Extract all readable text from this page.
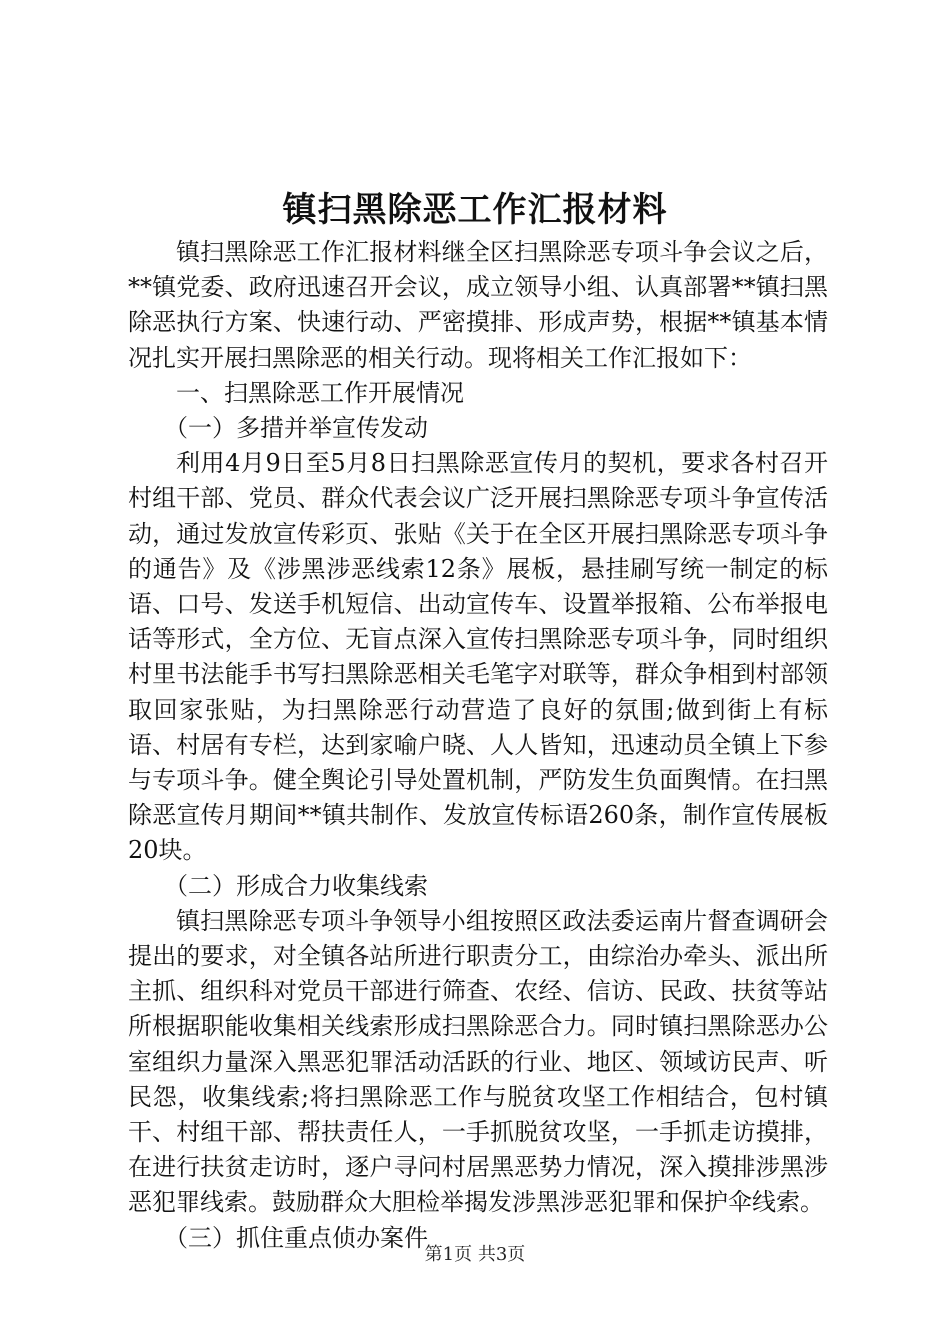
镇扫黑除恶工作汇报材料

镇扫黑除恶工作汇报材料继全区扫黑除恶专项斗争会议之后，**镇党委、政府迅速召开会议，成立领导小组、认真部署**镇扫黑除恶执行方案、快速行动、严密摸排、形成声势，根据**镇基本情况扎实开展扫黑除恶的相关行动。现将相关工作汇报如下：

一、扫黑除恶工作开展情况

（一）多措并举宣传发动

利用4月9日至5月8日扫黑除恶宣传月的契机，要求各村召开村组干部、党员、群众代表会议广泛开展扫黑除恶专项斗争宣传活动，通过发放宣传彩页、张贴《关于在全区开展扫黑除恶专项斗争的通告》及《涉黑涉恶线索12条》展板，悬挂刷写统一制定的标语、口号、发送手机短信、出动宣传车、设置举报箱、公布举报电话等形式，全方位、无盲点深入宣传扫黑除恶专项斗争，同时组织村里书法能手书写扫黑除恶相关毛笔字对联等，群众争相到村部领取回家张贴，为扫黑除恶行动营造了良好的氛围;做到街上有标语、村居有专栏，达到家喻户晓、人人皆知，迅速动员全镇上下参与专项斗争。健全舆论引导处置机制，严防发生负面舆情。在扫黑除恶宣传月期间**镇共制作、发放宣传标语260条，制作宣传展板20块。

（二）形成合力收集线索

镇扫黑除恶专项斗争领导小组按照区政法委运南片督查调研会提出的要求，对全镇各站所进行职责分工，由综治办牵头、派出所主抓、组织科对党员干部进行筛查、农经、信访、民政、扶贫等站所根据职能收集相关线索形成扫黑除恶合力。同时镇扫黑除恶办公室组织力量深入黑恶犯罪活动活跃的行业、地区、领域访民声、听民怨，收集线索;将扫黑除恶工作与脱贫攻坚工作相结合，包村镇干、村组干部、帮扶责任人，一手抓脱贫攻坚，一手抓走访摸排，在进行扶贫走访时，逐户寻问村居黑恶势力情况，深入摸排涉黑涉恶犯罪线索。鼓励群众大胆检举揭发涉黑涉恶犯罪和保护伞线索。

（三）抓住重点侦办案件

第1页 共3页
